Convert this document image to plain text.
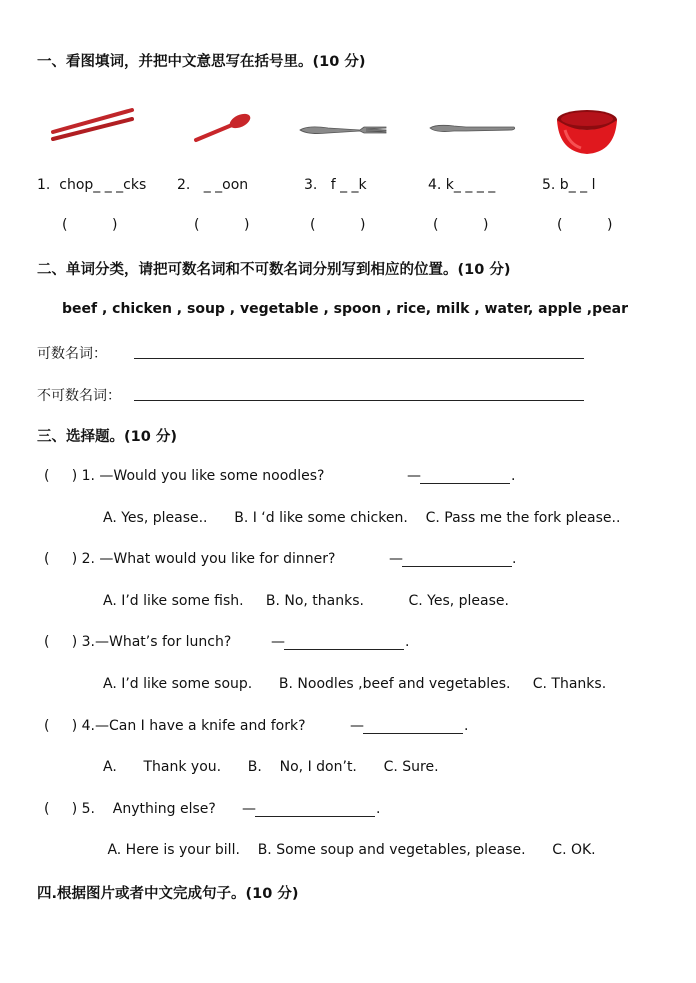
一、看图填词，并把中文意思写在括号里。(10 分)
1.  chop_ _ _cks 2.   _ _oon	3.   f _ _k	4. k_ _ _ _	5. b_ _ l
(          )	(          )	(          )	(          )	(          )
二、单词分类，请把可数名词和不可数名词分别写到相应的位置。(10 分)
beef , chicken , soup , vegetable , spoon , rice, milk , water, apple ,pear
可数名词：
不可数名词：
三、选择题。(10 分)
(     ) 1. —Would you like some noodles?	—	.
A. Yes, please..      B. I ‘d like some chicken.    C. Pass me the fork please..
(     ) 2. —What would you like for dinner?	—	.
A. I’d like some fish.     B. No, thanks.          C. Yes, please.
(     ) 3.—What’s for lunch?	—	.
A. I’d like some soup.      B. Noodles ,beef and vegetables.     C. Thanks.
(     ) 4.—Can I have a knife and fork?	—	.
A.      Thank you.      B.    No, I don’t.      C. Sure.
(     ) 5.    Anything else? —	.
A. Here is your bill.    B. Some soup and vegetables, please.      C. OK.
四.根据图片或者中文完成句子。(10 分)
